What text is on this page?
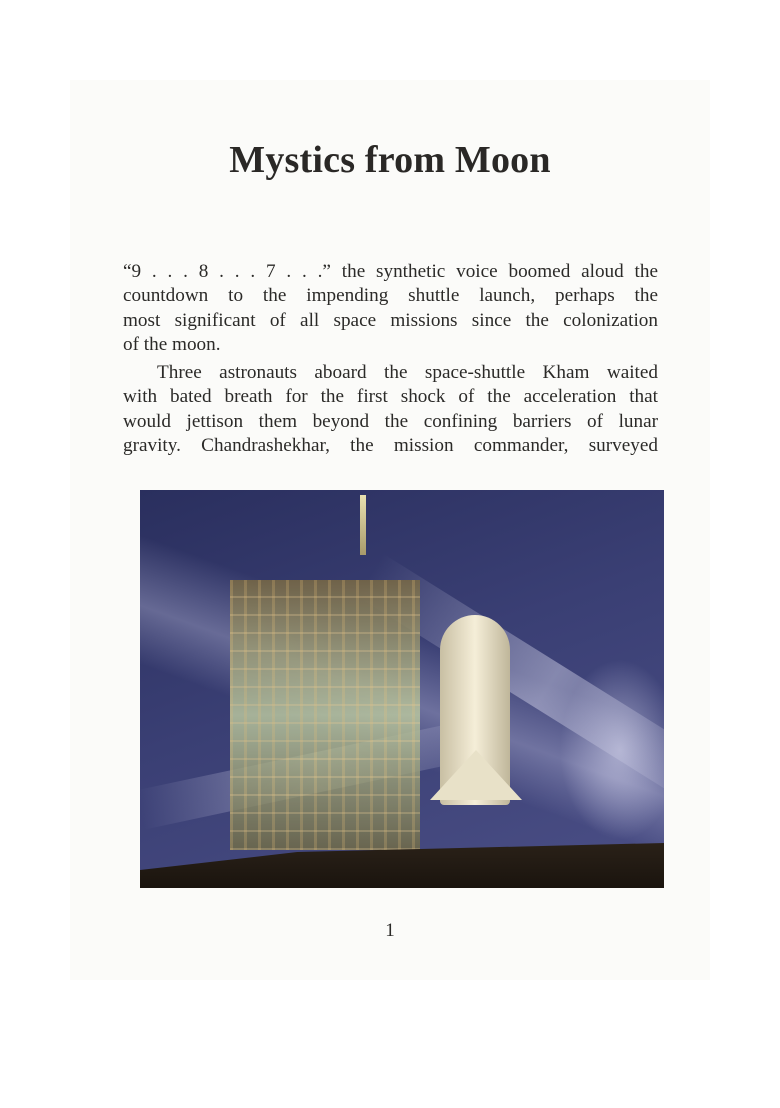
Mystics from Moon
“9 . . . 8 . . . 7 . . .” the synthetic voice boomed aloud the
countdown to the impending shuttle launch, perhaps the
most significant of all space missions since the colonization
of the moon.
Three astronauts aboard the space-shuttle Kham waited
with bated breath for the first shock of the acceleration that
would jettison them beyond the confining barriers of lunar
gravity. Chandrashekhar, the mission commander, surveyed
1
